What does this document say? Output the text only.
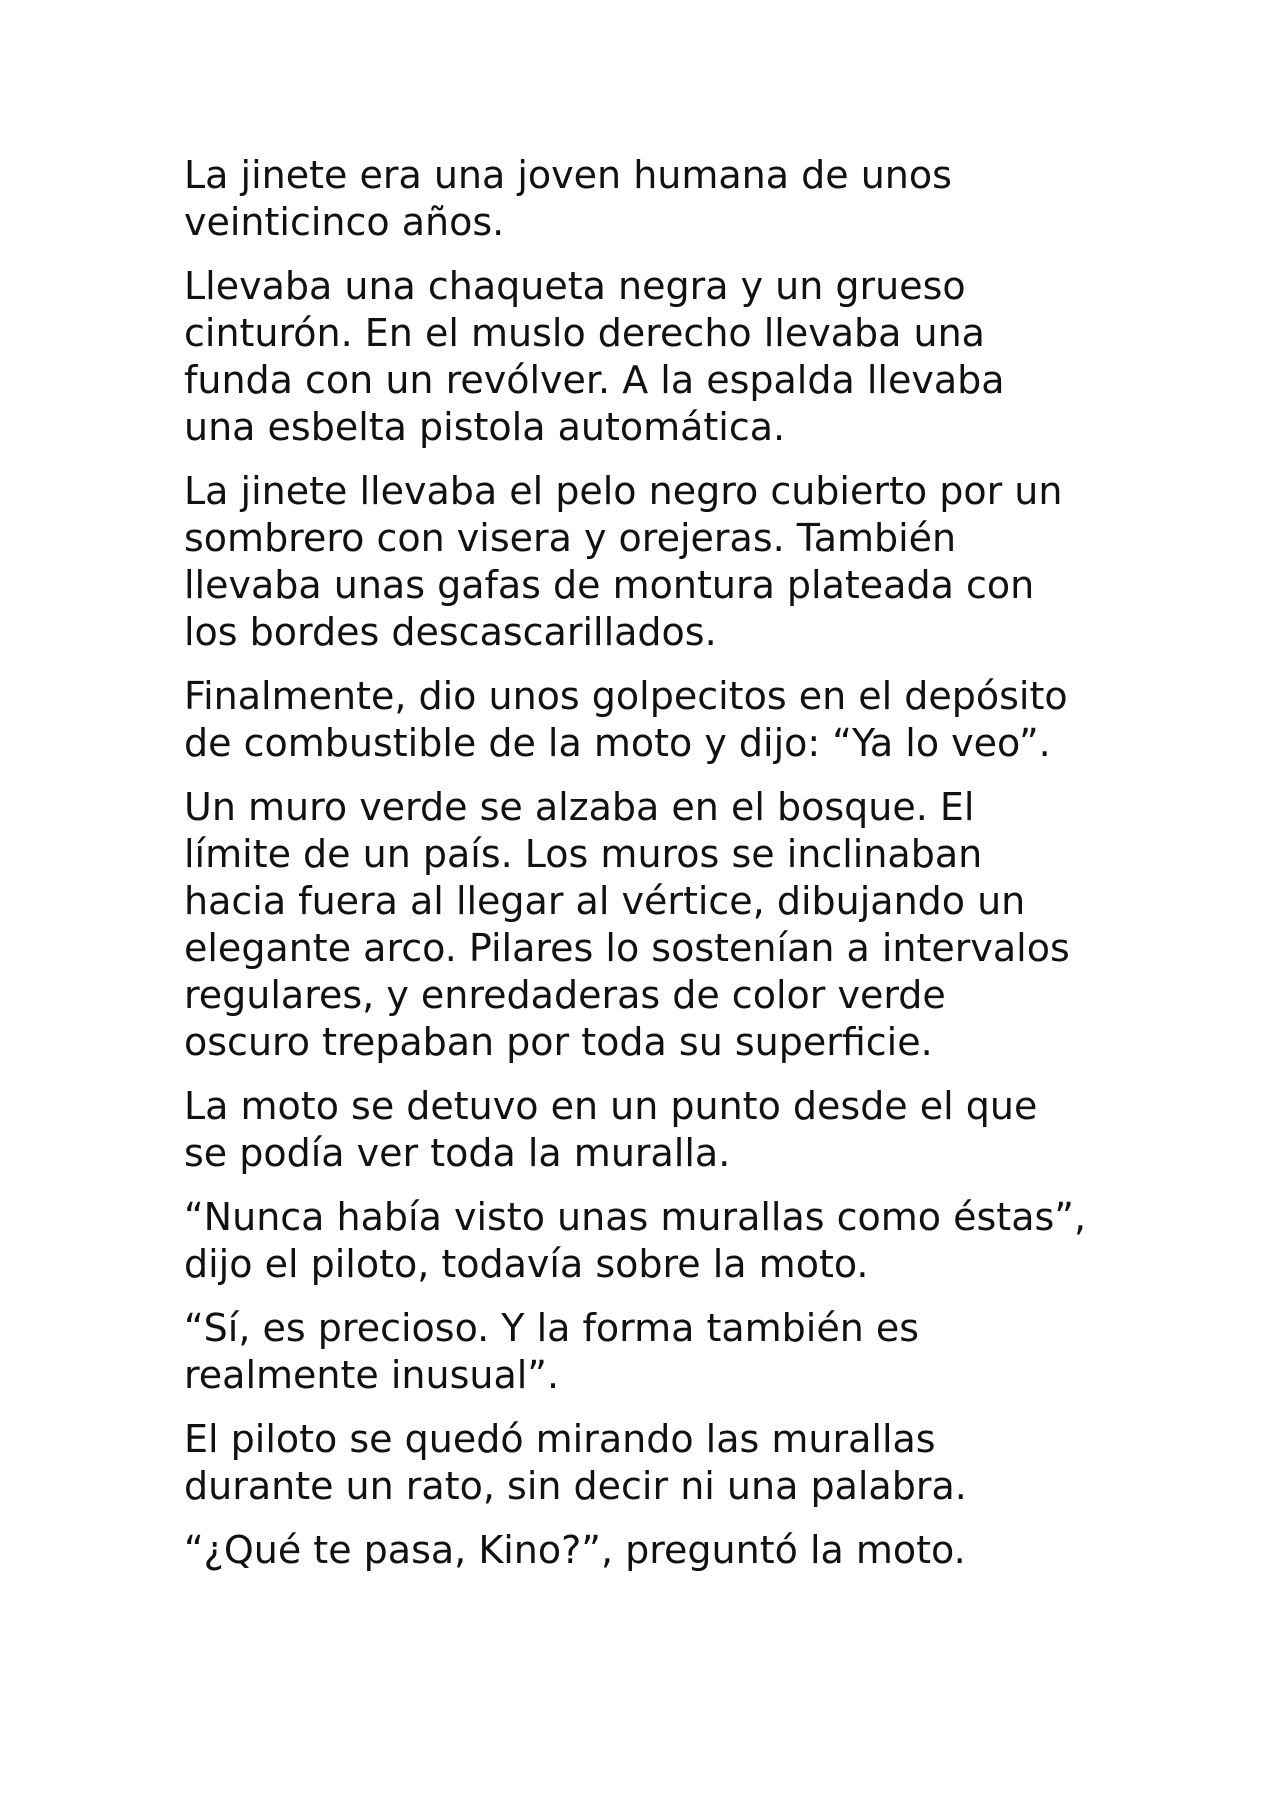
La jinete era una joven humana de unos
veinticinco años.

Llevaba una chaqueta negra y un grueso
cinturón. En el muslo derecho llevaba una
funda con un revólver. A la espalda llevaba
una esbelta pistola automática.

La jinete llevaba el pelo negro cubierto por un
sombrero con visera y orejeras. También
llevaba unas gafas de montura plateada con
los bordes descascarillados.

Finalmente, dio unos golpecitos en el depósito
de combustible de la moto y dijo: “Ya lo veo”.

Un muro verde se alzaba en el bosque. El
límite de un país. Los muros se inclinaban
hacia fuera al llegar al vértice, dibujando un
elegante arco. Pilares lo sostenían a intervalos
regulares, y enredaderas de color verde
oscuro trepaban por toda su superficie.

La moto se detuvo en un punto desde el que
se podía ver toda la muralla.

“Nunca había visto unas murallas como éstas”,
dijo el piloto, todavía sobre la moto.

“Sí, es precioso. Y la forma también es
realmente inusual”.

El piloto se quedó mirando las murallas
durante un rato, sin decir ni una palabra.

“¿Qué te pasa, Kino?”, preguntó la moto.
